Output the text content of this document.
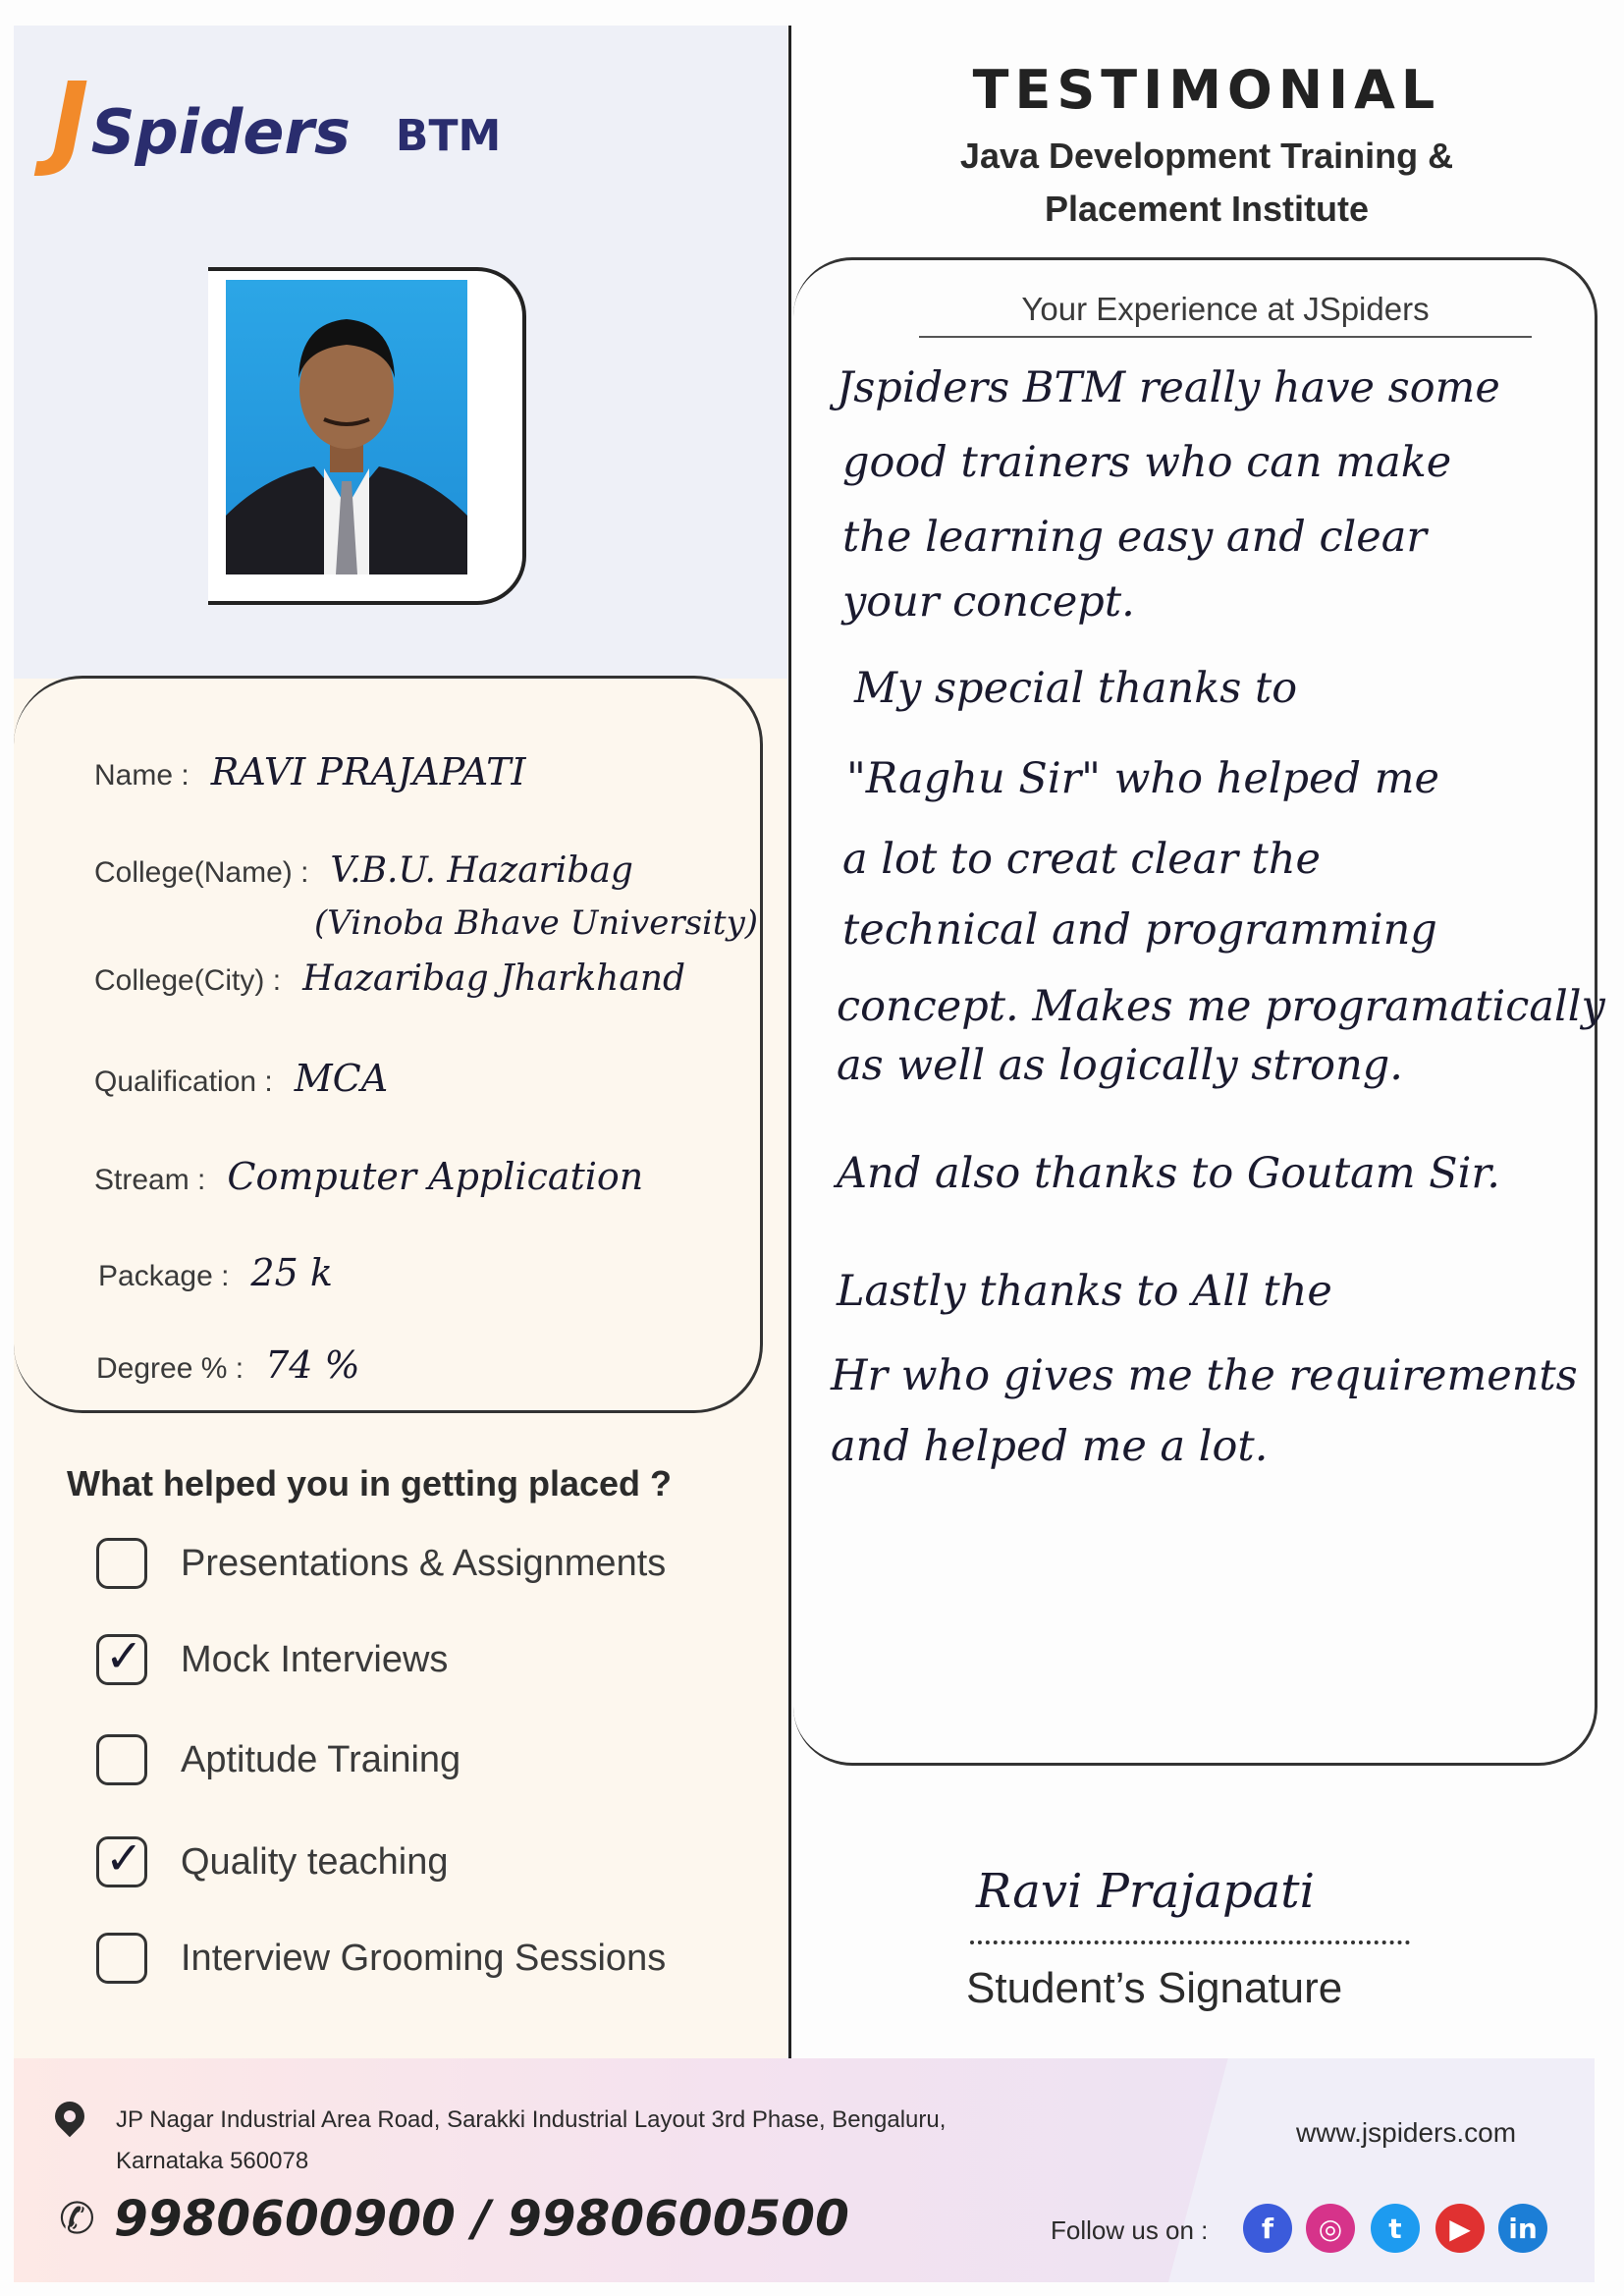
J Spiders BTM
TESTIMONIAL
Java Development Training &
Placement Institute
Name : RAVI PRAJAPATI
College(Name) : V.B.U. Hazaribag
(Vinoba Bhave University)
College(City) : Hazaribag Jharkhand
Qualification : MCA
Stream : Computer Application
Package : 25 k
Degree % : 74 %
What helped you in getting placed ?
Presentations & Assignments
✓ Mock Interviews
Aptitude Training
✓ Quality teaching
Interview Grooming Sessions
Your Experience at JSpiders
Jspiders BTM really have some
good trainers who can make
the learning easy and clear
your concept.
My special thanks to
"Raghu Sir" who helped me
a lot to creat clear the
technical and programming
concept. Makes me programatically
as well as logically strong.
And also thanks to Goutam Sir.
Lastly thanks to All the
Hr who gives me the requirements
and helped me a lot.
Ravi Prajapati
Student’s Signature
JP Nagar Industrial Area Road, Sarakki Industrial Layout 3rd Phase, Bengaluru,
Karnataka 560078
✆ 9980600900 / 9980600500
www.jspiders.com
Follow us on :	f	◎	t	▶	in
